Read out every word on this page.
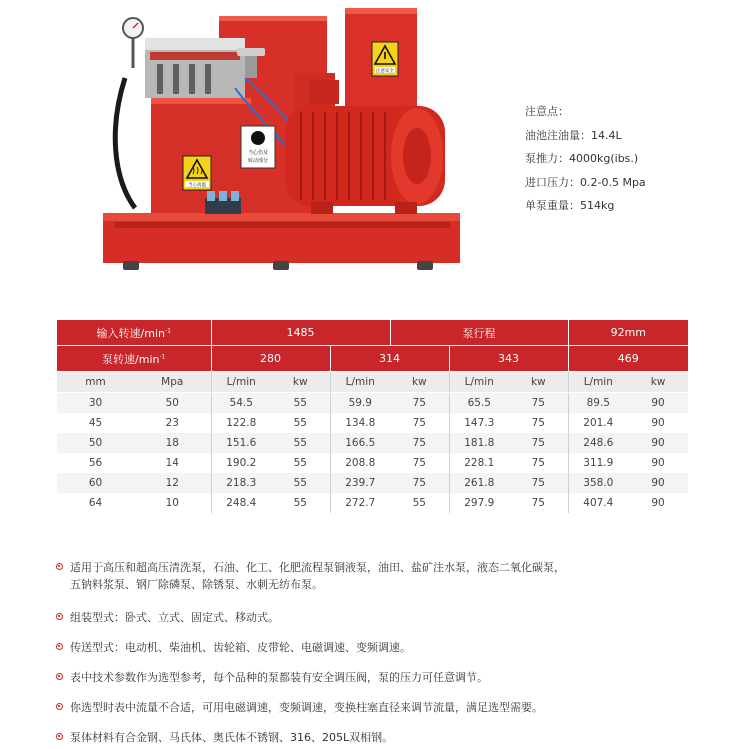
注意安全
当心高温
当心伤及
转动部分
注意点：
油池注油量：14.4L
泵推力：4000kg(ibs.)
进口压力：0.2-0.5 Mpa
单泵重量：514kg
输入转速$/\min^{-1}$		1485			泵行程			92mm	
泵转速$/\min^{-1}$		280		314		343		469	
mm	Mpa	L/min	kw	L/min	kw	L/min	kw	L/min	kw
30	50	54.5	55	59.9	75	65.5	75	89.5	90
45	23	122.8	55	134.8	75	147.3	75	201.4	90
50	18	151.6	55	166.5	75	181.8	75	248.6	90
56	14	190.2	55	208.8	75	228.1	75	311.9	90
60	12	218.3	55	239.7	75	261.8	75	358.0	90
64	10	248.4	55	272.7	55	297.9	75	407.4	90
适用于高压和超高压清洗泵，石油、化工、化肥流程泵铜液泵，油田、盐矿注水泵，液态二氧化碳泵，
五钠料浆泵、钢厂除磷泵、除锈泵、水刺无纺布泵。
组装型式：卧式、立式、固定式、移动式。
传送型式：电动机、柴油机、齿轮箱、皮带轮、电磁调速、变频调速。
表中技术参数作为选型参考，每个品种的泵都装有安全调压阀，泵的压力可任意调节。
你选型时表中流量不合适，可用电磁调速，变频调速，变换柱塞直径来调节流量，满足选型需要。
泵体材料有合金钢、马氏体、奥氏体不锈钢、316、205L双相钢。
